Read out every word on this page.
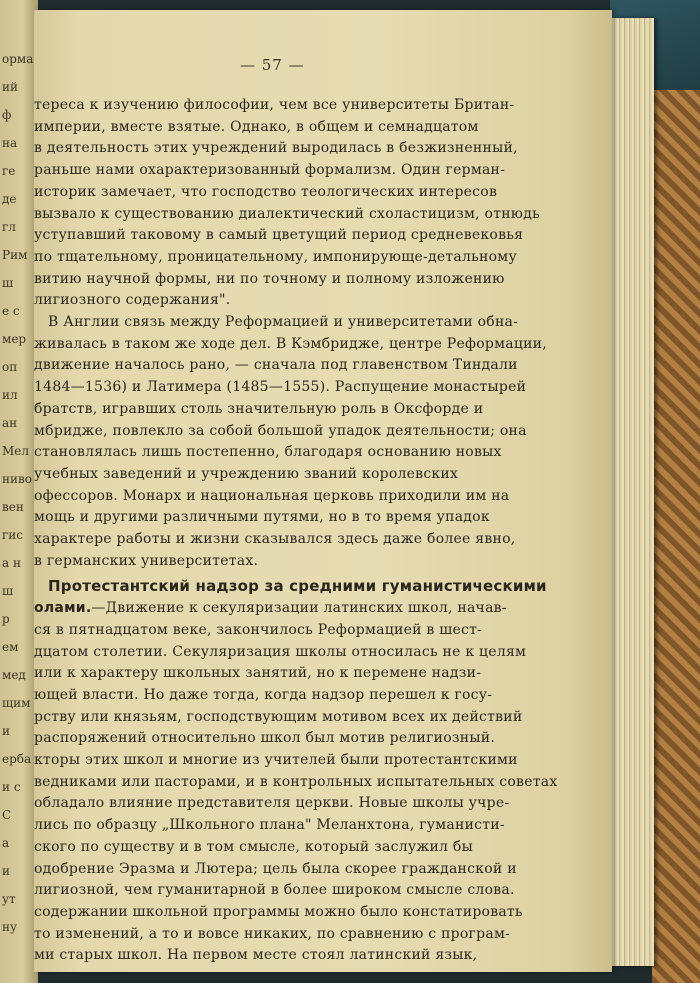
орма
ий
ф
на
ге
де
гл
Рим
ш
е с
мер
оп
ил
ан
Мел
ниво
вен
гис
а н
ш
р
ем
мед
щим
и
ерба
и с
С
а
и
ут
ну
— 57 —
тереса к изучению философии, чем все университеты Британ-
империи, вместе взятые. Однако, в общем и семнадцатом
в деятельность этих учреждений выродилась в безжизненный,
раньше нами охарактеризованный формализм. Один герман-
историк замечает, что господство теологических интересов
вызвало к существованию диалектический схоластицизм, отнюдь
уступавший таковому в самый цветущий период средневековья
по тщательному, проницательному, импонирующе-детальному
витию научной формы, ни по точному и полному изложению
лигиозного содержания".
В Англии связь между Реформацией и университетами обна-
живалась в таком же ходе дел. В Кэмбридже, центре Реформации,
движение началось рано, — сначала под главенством Тиндали
1484—1536) и Латимера (1485—1555). Распущение монастырей
братств, игравших столь значительную роль в Оксфорде и
мбридже, повлекло за собой большой упадок деятельности; она
становлялась лишь постепенно, благодаря основанию новых
учебных заведений и учреждению званий королевских
офессоров. Монарх и национальная церковь приходили им на
мощь и другими различными путями, но в то время упадок
характере работы и жизни сказывался здесь даже более явно,
в германских университетах.
Протестантский надзор за средними гуманистическими
олами.—Движение к секуляризации латинских школ, начав-
ся в пятнадцатом веке, закончилось Реформацией в шест-
дцатом столетии. Секуляризация школы относилась не к целям
или к характеру школьных занятий, но к перемене надзи-
ющей власти. Но даже тогда, когда надзор перешел к госу-
рству или князьям, господствующим мотивом всех их действий
распоряжений относительно школ был мотив религиозный.
кторы этих школ и многие из учителей были протестантскими
ведниками или пасторами, и в контрольных испытательных советах
обладало влияние представителя церкви. Новые школы учре-
лись по образцу „Школьного плана" Меланхтона, гуманисти-
ского по существу и в том смысле, который заслужил бы
одобрение Эразма и Лютера; цель была скорее гражданской и
лигиозной, чем гуманитарной в более широком смысле слова.
содержании школьной программы можно было констатировать
то изменений, а то и вовсе никаких, по сравнению с програм-
ми старых школ. На первом месте стоял латинский язык,
